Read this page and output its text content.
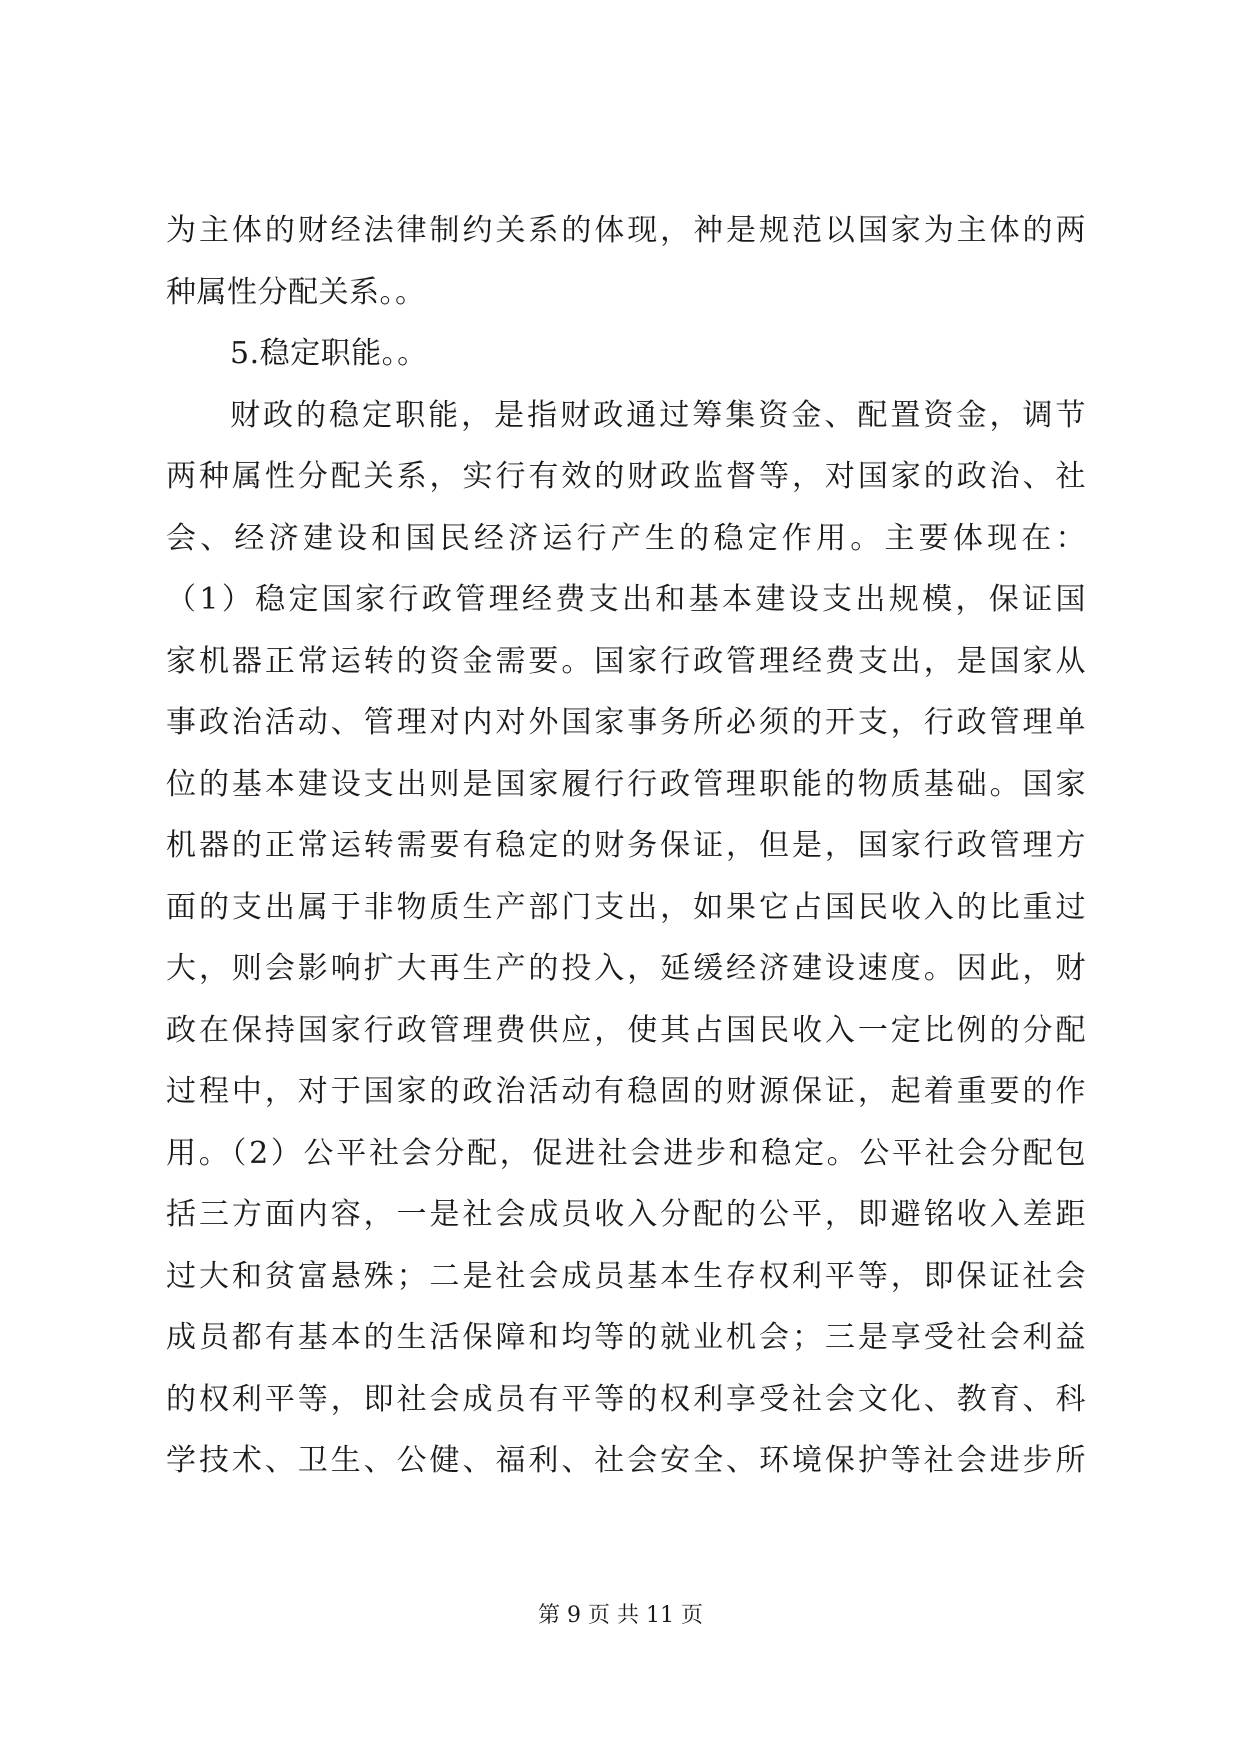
为主体的财经法律制约关系的体现，衶是规范以国家为主体的两
种属性分配关系。。
5.稳定职能。。
财政的稳定职能，是指财政通过筹集资金、配置资金，调节
两种属性分配关系，实行有效的财政监督等，对国家的政治、社
会、经济建设和国民经济运行产生的稳定作用。主要体现在：
（1）稳定国家行政管理经费支出和基本建设支出规模，保证国
家机器正常运转的资金需要。国家行政管理经费支出，是国家从
事政治活动、管理对内对外国家事务所必须的开支，行政管理单
位的基本建设支出则是国家履行行政管理职能的物质基础。国家
机器的正常运转需要有稳定的财务保证，但是，国家行政管理方
面的支出属于非物质生产部门支出，如果它占国民收入的比重过
大，则会影响扩大再生产的投入，延缓经济建设速度。因此，财
政在保持国家行政管理费供应，使其占国民收入一定比例的分配
过程中，对于国家的政治活动有稳固的财源保证，起着重要的作
用。（2）公平社会分配，促进社会进步和稳定。公平社会分配包
括三方面内容，一是社会成员收入分配的公平，即避铭收入差距
过大和贫富悬殊；二是社会成员基本生存权利平等，即保证社会
成员都有基本的生活保障和均等的就业机会；三是享受社会利益
的权利平等，即社会成员有平等的权利享受社会文化、教育、科
学技术、卫生、公健、福利、社会安全、环境保护等社会进步所
第 9 页 共 11 页
